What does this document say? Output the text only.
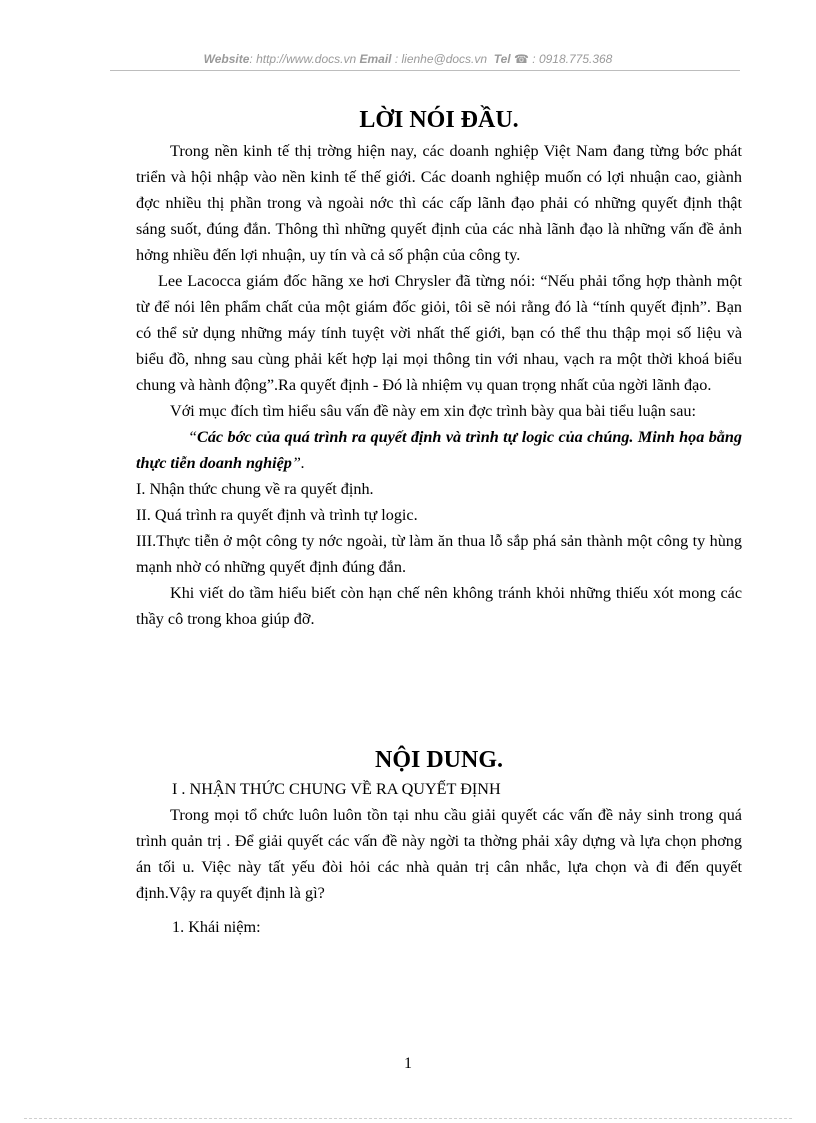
Website: http://www.docs.vn Email : lienhe@docs.vn Tel ☎ : 0918.775.368
LỜI NÓI ĐẦU.

Trong nền kinh tế thị trờng hiện nay, các doanh nghiệp Việt Nam đang từng bớc phát triển và hội nhập vào nền kinh tế thế giới. Các doanh nghiệp muốn có lợi nhuận cao, giành đợc nhiều thị phần trong và ngoài nớc thì các cấp lãnh đạo phải có những quyết định thật sáng suốt, đúng đắn. Thông thì những quyết định của các nhà lãnh đạo là những vấn đề ảnh hởng nhiều đến lợi nhuận, uy tín và cả số phận của công ty.

Lee Lacocca giám đốc hãng xe hơi Chrysler đã từng nói: “Nếu phải tổng hợp thành một từ để nói lên phẩm chất của một giám đốc giỏi, tôi sẽ nói rằng đó là “tính quyết định”. Bạn có thể sử dụng những máy tính tuyệt vời nhất thế giới, bạn có thể thu thập mọi số liệu và biểu đồ, nhng sau cùng phải kết hợp lại mọi thông tin với nhau, vạch ra một thời khoá biểu chung và hành động”.Ra quyết định - Đó là nhiệm vụ quan trọng nhất của ngời lãnh đạo.

Với mục đích tìm hiểu sâu vấn đề này em xin đợc trình bày qua bài tiểu luận sau:

“Các bớc của quá trình ra quyết định và trình tự logic của chúng. Minh họa bằng thực tiễn doanh nghiệp”.

I. Nhận thức chung về ra quyết định.

II. Quá trình ra quyết định và trình tự logic.

III.Thực tiễn ở một công ty nớc ngoài, từ làm ăn thua lỗ sắp phá sản thành một công ty hùng mạnh nhờ có những quyết định đúng đắn.

Khi viết do tầm hiểu biết còn hạn chế nên không tránh khỏi những thiếu xót mong các thầy cô trong khoa giúp đỡ.

NỘI DUNG.

I . NHẬN THỨC CHUNG VỀ RA QUYẾT ĐỊNH

Trong mọi tổ chức luôn luôn tồn tại nhu cầu giải quyết các vấn đề nảy sinh trong quá trình quản trị . Để giải quyết các vấn đề này ngời ta thờng phải xây dựng và lựa chọn phơng án tối u. Việc này tất yếu đòi hỏi các nhà quản trị cân nhắc, lựa chọn và đi đến quyết định.Vậy ra quyết định là gì?

1. Khái niệm:

1
